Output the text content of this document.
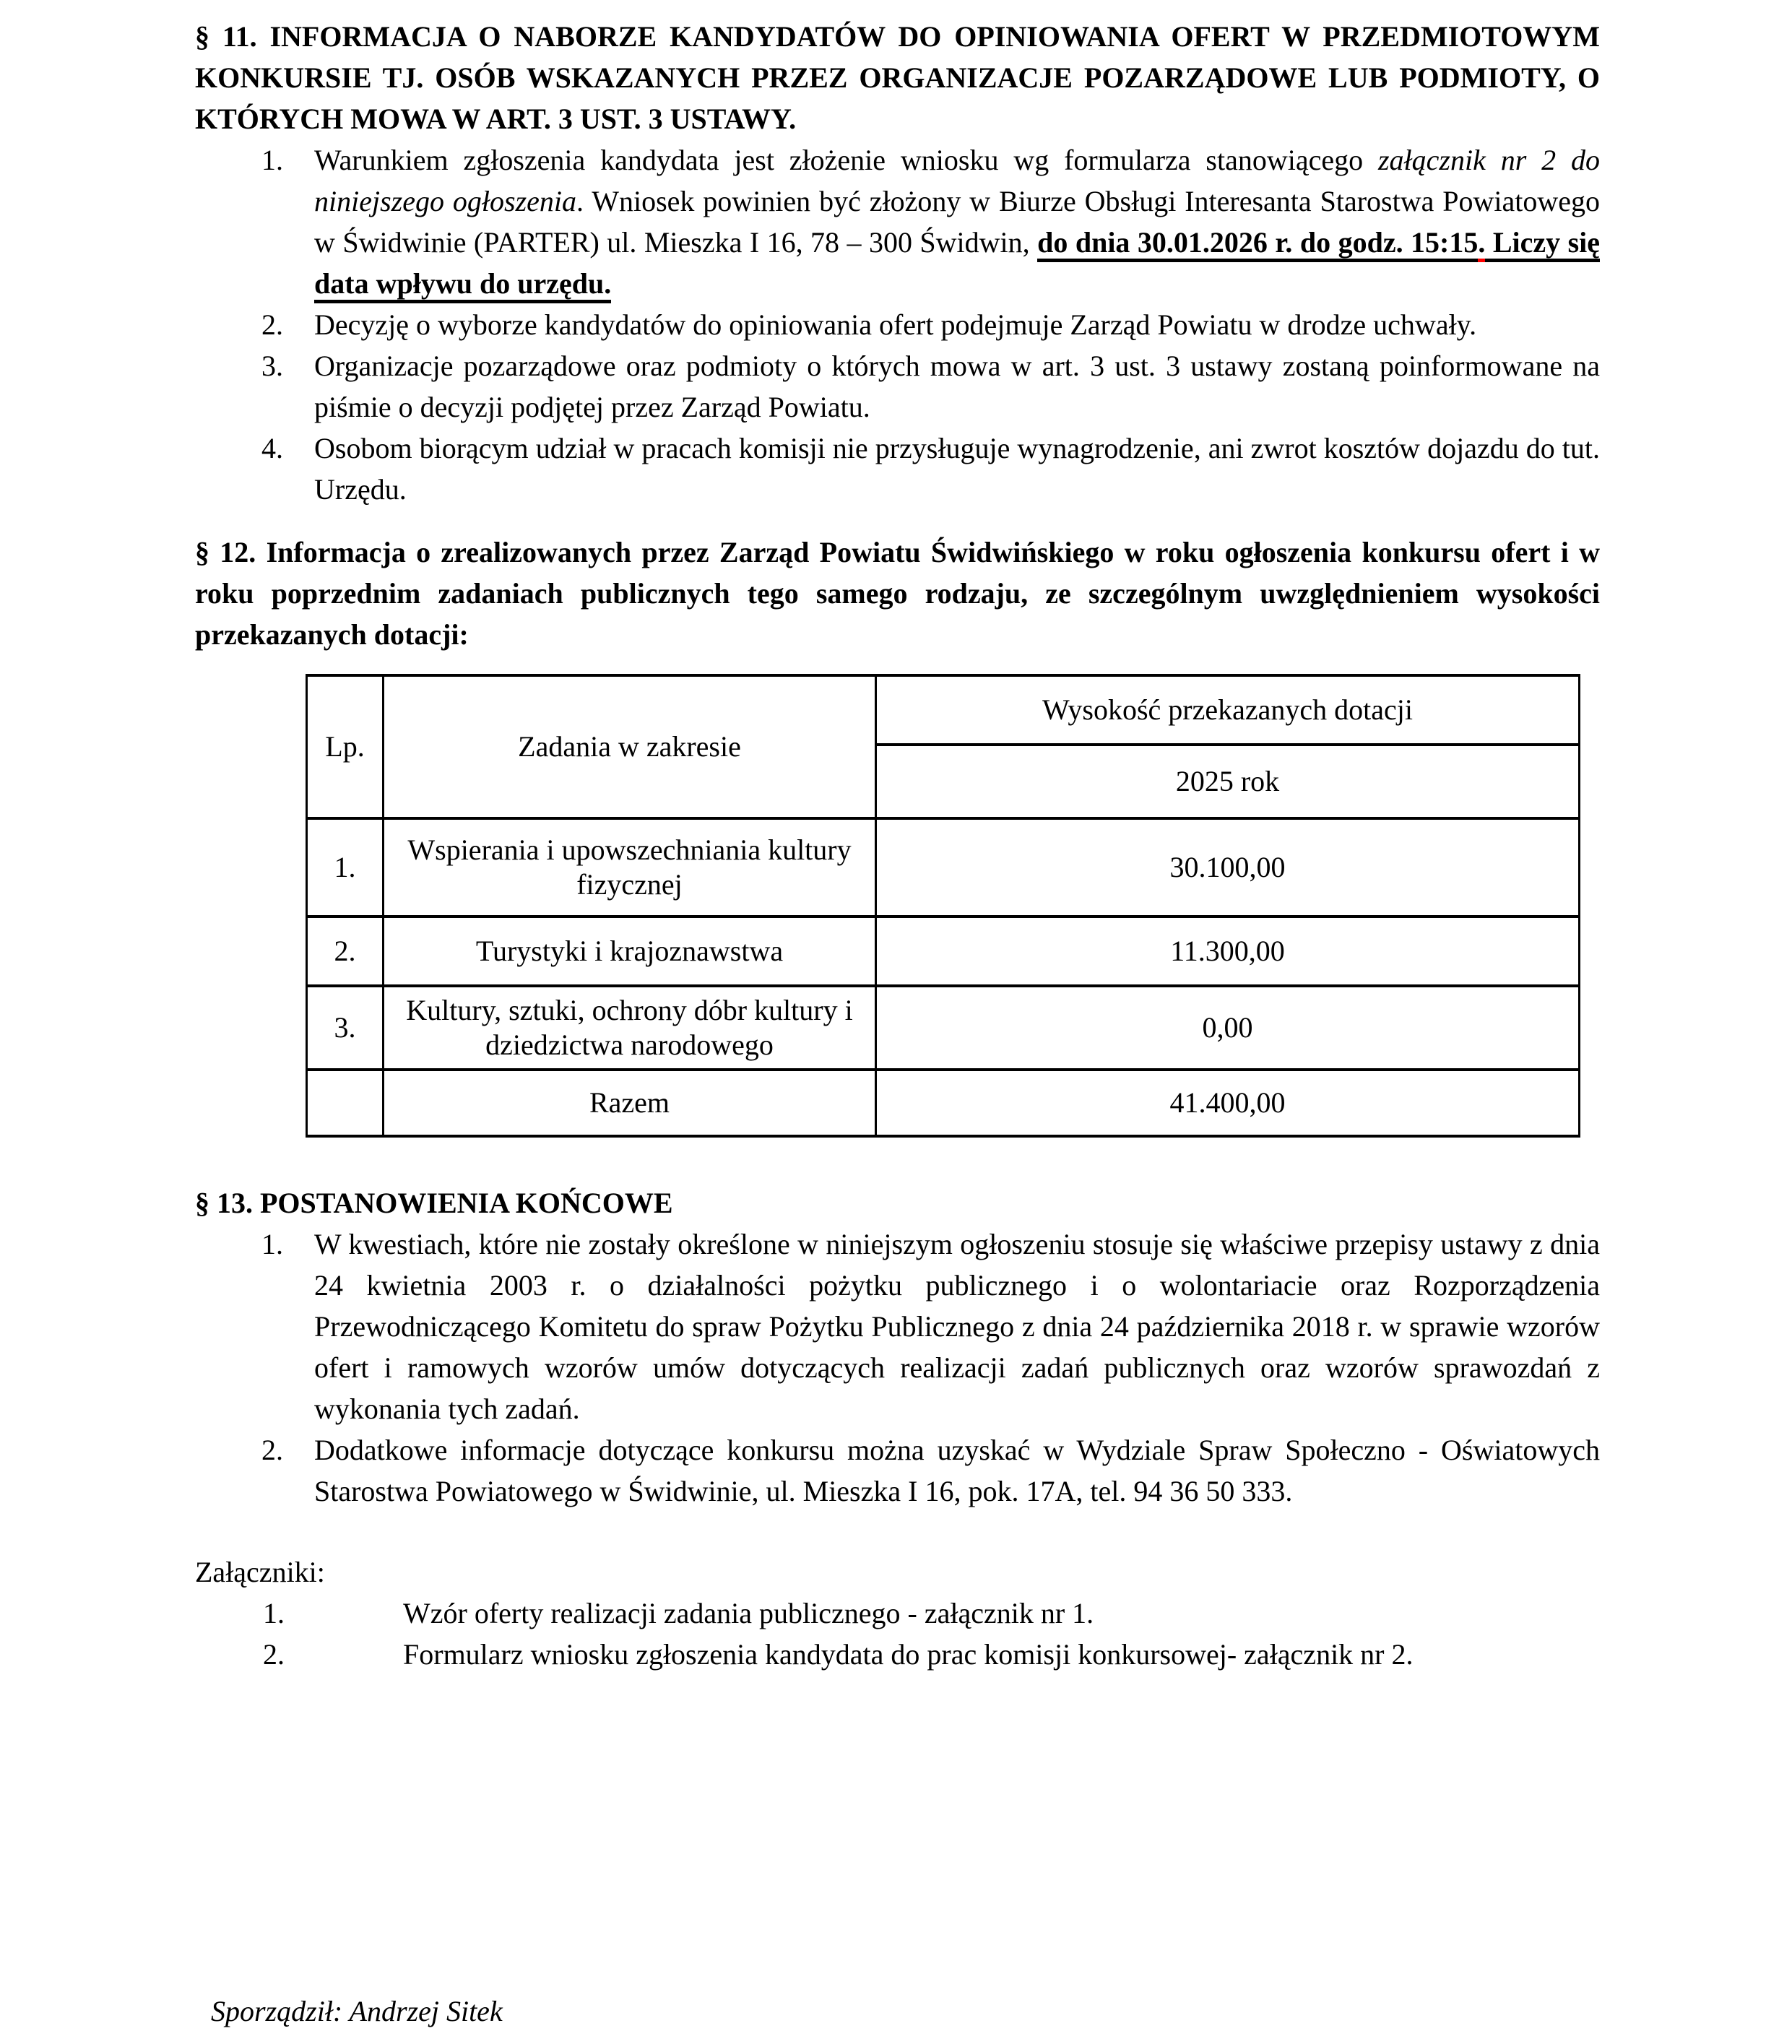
§ 11. INFORMACJA O NABORZE KANDYDATÓW DO OPINIOWANIA OFERT W PRZEDMIOTOWYM KONKURSIE TJ. OSÓB WSKAZANYCH PRZEZ ORGANIZACJE POZARZĄDOWE LUB PODMIOTY, O KTÓRYCH MOWA W ART. 3 UST. 3 USTAWY.

1.	Warunkiem zgłoszenia kandydata jest złożenie wniosku wg formularza stanowiącego załącznik nr 2 do niniejszego ogłoszenia. Wniosek powinien być złożony w Biurze Obsługi Interesanta Starostwa Powiatowego w Świdwinie (PARTER) ul. Mieszka I 16, 78 – 300 Świdwin, do dnia 30.01.2026 r. do godz. 15:15. Liczy się data wpływu do urzędu.
2.	Decyzję o wyborze kandydatów do opiniowania ofert podejmuje Zarząd Powiatu w drodze uchwały.
3.	Organizacje pozarządowe oraz podmioty o których mowa w art. 3 ust. 3 ustawy zostaną poinformowane na piśmie o decyzji podjętej przez Zarząd Powiatu.
4.	Osobom biorącym udział w pracach komisji nie przysługuje wynagrodzenie, ani zwrot kosztów dojazdu do tut. Urzędu.

§ 12. Informacja o zrealizowanych przez Zarząd Powiatu Świdwińskiego w roku ogłoszenia konkursu ofert i w roku poprzednim zadaniach publicznych tego samego rodzaju, ze szczególnym uwzględnieniem wysokości przekazanych dotacji:

Lp.	Zadania w zakresie	Wysokość przekazanych dotacji
		2025 rok
1.	Wspierania i upowszechniania kultury fizycznej	30.100,00
2.	Turystyki i krajoznawstwa	11.300,00
3.	Kultury, sztuki, ochrony dóbr kultury i dziedzictwa narodowego	0,00
	Razem	41.400,00

§ 13. POSTANOWIENIA KOŃCOWE

1.	W kwestiach, które nie zostały określone w niniejszym ogłoszeniu stosuje się właściwe przepisy ustawy z dnia 24 kwietnia 2003 r. o działalności pożytku publicznego i o wolontariacie oraz Rozporządzenia Przewodniczącego Komitetu do spraw Pożytku Publicznego z dnia 24 października 2018 r. w sprawie wzorów ofert i ramowych wzorów umów dotyczących realizacji zadań publicznych oraz wzorów sprawozdań z wykonania tych zadań.
2.	Dodatkowe informacje dotyczące konkursu można uzyskać w Wydziale Spraw Społeczno - Oświatowych Starostwa Powiatowego w Świdwinie, ul. Mieszka I 16, pok. 17A, tel. 94 36 50 333.
Załączniki:
1.	Wzór oferty realizacji zadania publicznego - załącznik nr 1.
2.	Formularz wniosku zgłoszenia kandydata do prac komisji konkursowej- załącznik nr 2.
Sporządził: Andrzej Sitek
